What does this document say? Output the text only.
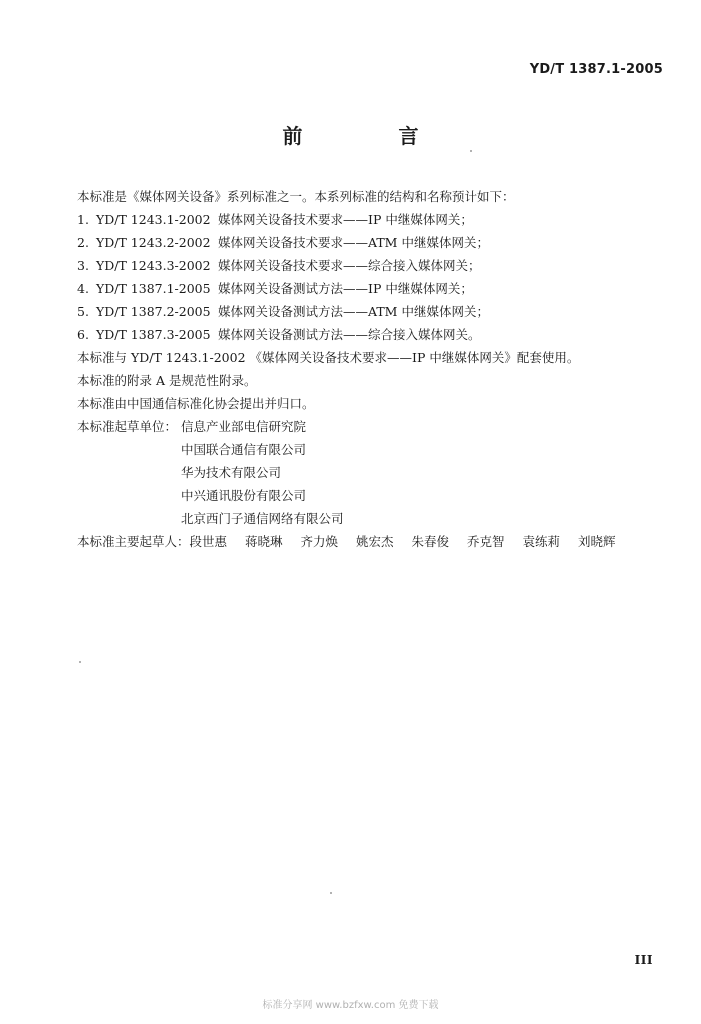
YD/T 1387.1-2005
前　言
本标准是《媒体网关设备》系列标准之一。本系列标准的结构和名称预计如下：
1. YD/T 1243.1-2002 媒体网关设备技术要求——IP 中继媒体网关；
2. YD/T 1243.2-2002 媒体网关设备技术要求——ATM 中继媒体网关；
3. YD/T 1243.3-2002 媒体网关设备技术要求——综合接入媒体网关；
4. YD/T 1387.1-2005 媒体网关设备测试方法——IP 中继媒体网关；
5. YD/T 1387.2-2005 媒体网关设备测试方法——ATM 中继媒体网关；
6. YD/T 1387.3-2005 媒体网关设备测试方法——综合接入媒体网关。
本标准与 YD/T 1243.1-2002 《媒体网关设备技术要求——IP 中继媒体网关》配套使用。
本标准的附录 A 是规范性附录。
本标准由中国通信标准化协会提出并归口。
本标准起草单位： 信息产业部电信研究院
中国联合通信有限公司
华为技术有限公司
中兴通讯股份有限公司
北京西门子通信网络有限公司
本标准主要起草人： 段世惠 蒋晓琳 齐力焕 姚宏杰 朱春俊 乔克智 袁练莉 刘晓辉
III
标准分享网 www.bzfxw.com 免费下载
